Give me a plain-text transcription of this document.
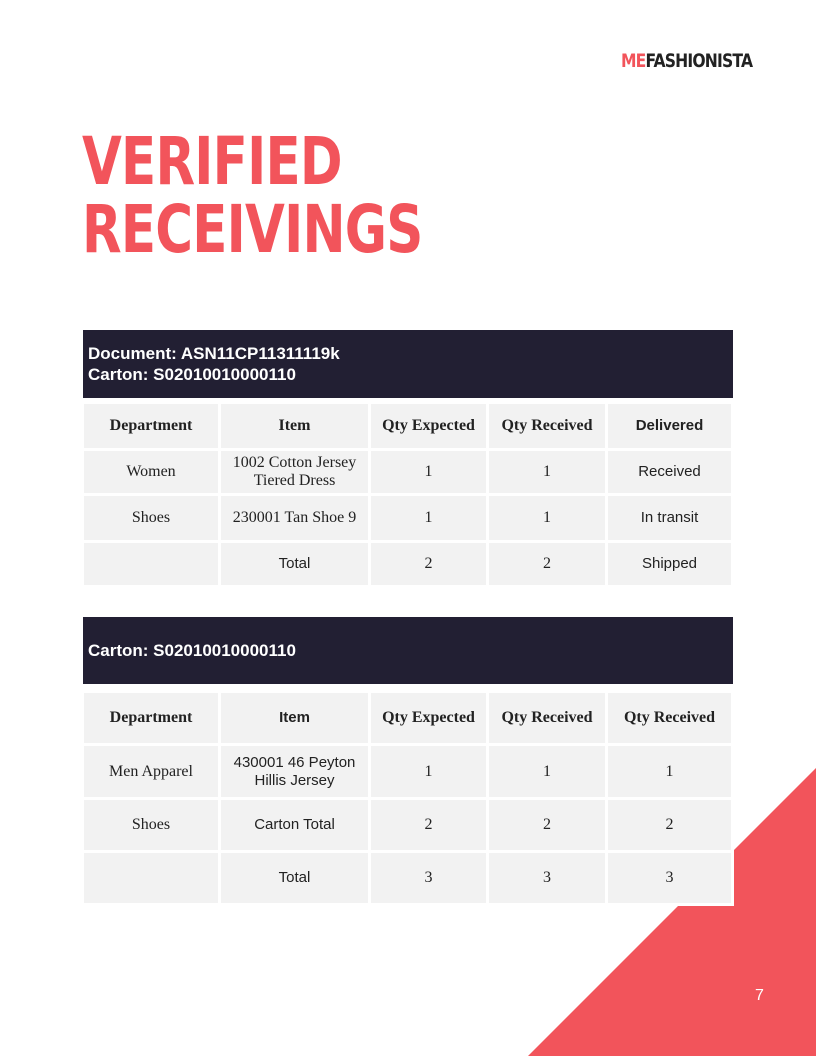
MEFASHIONISTA
VERIFIED
RECEIVINGS
Document: ASN11CP11311119k
Carton: S02010010000110
Department	Item	Qty Expected	Qty Received	Delivered
Women	1002 Cotton Jersey Tiered Dress	1	1	Received
Shoes	230001 Tan Shoe 9	1	1	In transit
	Total	2	2	Shipped
Carton: S02010010000110
Department	Item	Qty Expected	Qty Received	Qty Received
Men Apparel	430001 46 Peyton Hillis Jersey	1	1	1
Shoes	Carton Total	2	2	2
	Total	3	3	3
7
